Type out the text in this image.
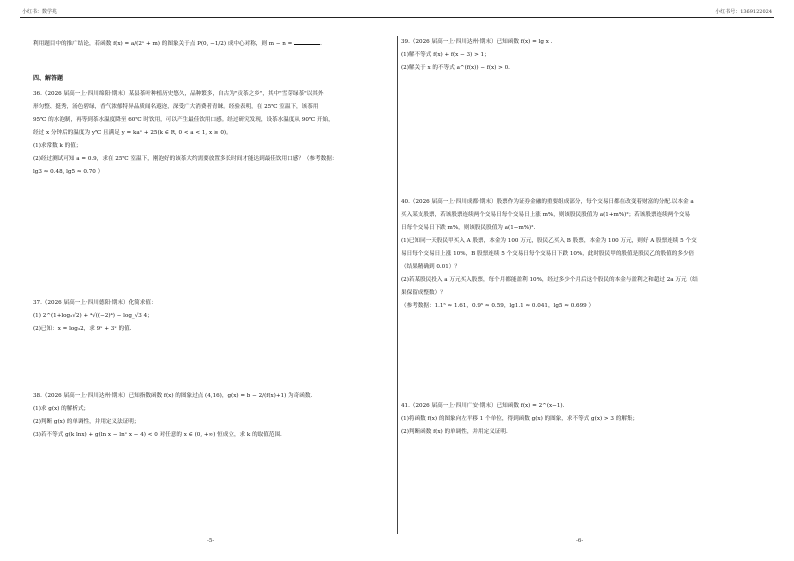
小红书：数学兆	小红书号：1369122024

利用题目中的推广结论，若函数 f(x) = a/(2ˣ + m) 的图象关于点 P(0, −1/2) 成中心对称，则 m − n =	.

四、解答题

36.（2026 届高一上·四川绵阳·期末）某县茶叶种植历史悠久，品种繁多，自古为"贡茶之乡"，其中"雪芽绿茶"以其外

形匀整、挺秀，汤色碧绿，香气浓郁特异品质闻名遐迩，深受广大消费者青睐。经验表明，在 25℃ 室温下，该茶用

95℃ 的水泡制，再等到茶水温度降至 60℃ 时饮用，可以产生最佳饮用口感。经过研究发现，设茶水温度从 90℃ 开始，

经过 x 分钟后的温度为 y℃ 且满足 y = kaˣ + 25(k ∈ R, 0 < a < 1, x ≥ 0)。

(1)求常数 k 的值；

(2)经过测试可知 a = 0.9，求在 25℃ 室温下，刚泡好的该茶大约需要放置多长时间才能达到最佳饮用口感？（参考数据：

lg3 ≈ 0.48, lg5 ≈ 0.70 ）

37.（2026 届高一上·四川德阳·期末）化简求值：

(1) 2^(1+log₂√2) + ⁴√((−2)⁴) − log_√3 4；

(2)已知：x = log₃2，求 9ˣ + 3ˣ 的值.

38.（2026 届高一上·四川达州·期末）已知指数函数 f(x) 的图象过点 (4,16)，g(x) = b − 2/(f(x)+1) 为奇函数.

(1)求 g(x) 的解析式；

(2)判断 g(x) 的单调性，并用定义法证明；

(3)若不等式 g(k lnx) + g(ln x − lnˣ x − 4) < 0 对任意的 x ∈ (0, +∞) 恒成立，求 k 的取值范围.

39.（2026 届高一上·四川达州·期末）已知函数 f(x) = lg x .

(1)解不等式 f(x) + f(x − 3) > 1；

(2)解关于 x 的不等式 a^(f(x)) − f(x) > 0.

40.（2026 届高一上·四川成都·期末）股票作为证券金融的重要组成部分，每个交易日都在改变着财富的分配.以本金 a

买入某支股票，若该股票连续两个交易日每个交易日上涨 m%，则该股民股值为 a(1+m%)²；若该股票连续两个交易

日每个交易日下跌 m%，则该股民股值为 a(1−m%)².

(1)已知同一天股民甲买入 A 股票，本金为 100 万元，股民乙买入 B 股票，本金为 100 万元，则好 A 股票连续 5 个交

易日每个交易日上涨 10%，B 股票连续 5 个交易日每个交易日下跌 10%，此时股民甲的股值是股民乙的股值的多少倍

（结果精确到 0.01）？

(2)若某股民投入 a 万元买入股票，每个月都能盈利 10%，经过多少个月后这个股民的本金与盈利之和超过 2a 万元（结

果保留成整数）？

（参考数据：1.1⁵ ≈ 1.61，0.9⁵ ≈ 0.59，lg1.1 ≈ 0.041，lg5 ≈ 0.699 ）

41.（2026 届高一上·四川广安·期末）已知函数 f(x) = 2^(x−1).

(1)将函数 f(x) 的图象向左平移 1 个单位，得到函数 g(x) 的图象，求不等式 g(x) > 3 的解集；

(2)判断函数 f(x) 的单调性，并用定义证明.

-5-	-6-
